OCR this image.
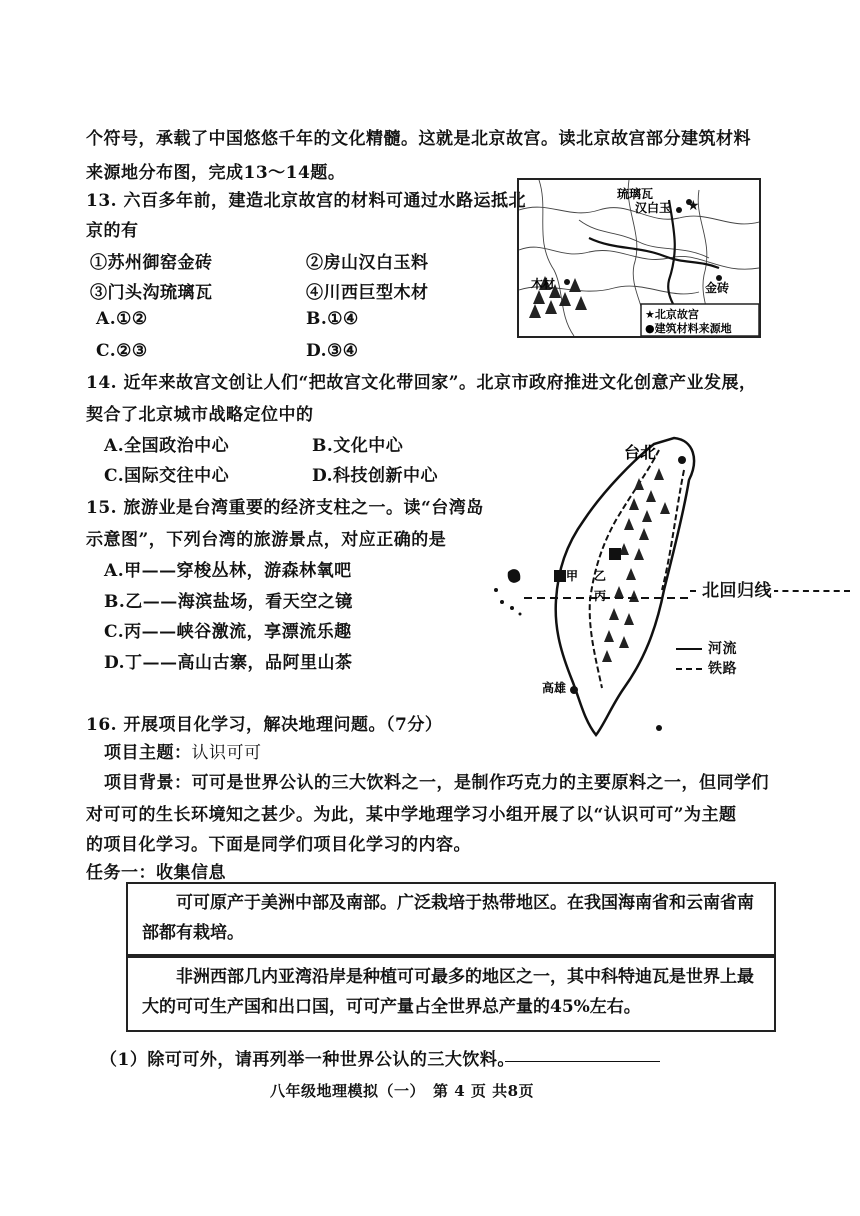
个符号，承载了中国悠悠千年的文化精髓。这就是北京故宫。读北京故宫部分建筑材料
来源地分布图，完成13～14题。
13. 六百多年前，建造北京故宫的材料可通过水路运抵北
京的有
①苏州御窑金砖	②房山汉白玉料
③门头沟琉璃瓦	④川西巨型木材
A.①②	B.①④
C.②③	D.③④
★
琉璃瓦
汉白玉
木材	金砖
★北京故宫
●建筑材料来源地
14. 近年来故宫文创让人们“把故宫文化带回家”。北京市政府推进文化创意产业发展，
契合了北京城市战略定位中的
A.全国政治中心	B.文化中心
C.国际交往中心	D.科技创新中心
15. 旅游业是台湾重要的经济支柱之一。读“台湾岛
示意图”，下列台湾的旅游景点，对应正确的是
A.甲——穿梭丛林，游森林氧吧
B.乙——海滨盐场，看天空之镜
C.丙——峡谷激流，享漂流乐趣
D.丁——高山古寨，品阿里山茶
台北
高雄
甲 乙
丙	北回归线
河流
铁路
16. 开展项目化学习，解决地理问题。（7分）
项目主题：认识可可
项目背景：可可是世界公认的三大饮料之一，是制作巧克力的主要原料之一，但同学们
对可可的生长环境知之甚少。为此，某中学地理学习小组开展了以“认识可可”为主题
的项目化学习。下面是同学们项目化学习的内容。
任务一：收集信息

可可原产于美洲中部及南部。广泛栽培于热带地区。在我国海南省和云南省南部都有栽培。

非洲西部几内亚湾沿岸是种植可可最多的地区之一，其中科特迪瓦是世界上最大的可可生产国和出口国，可可产量占全世界总产量的45%左右。

（1）除可可外，请再列举一种世界公认的三大饮料。
八年级地理模拟（一）　第 4 页 共8页
